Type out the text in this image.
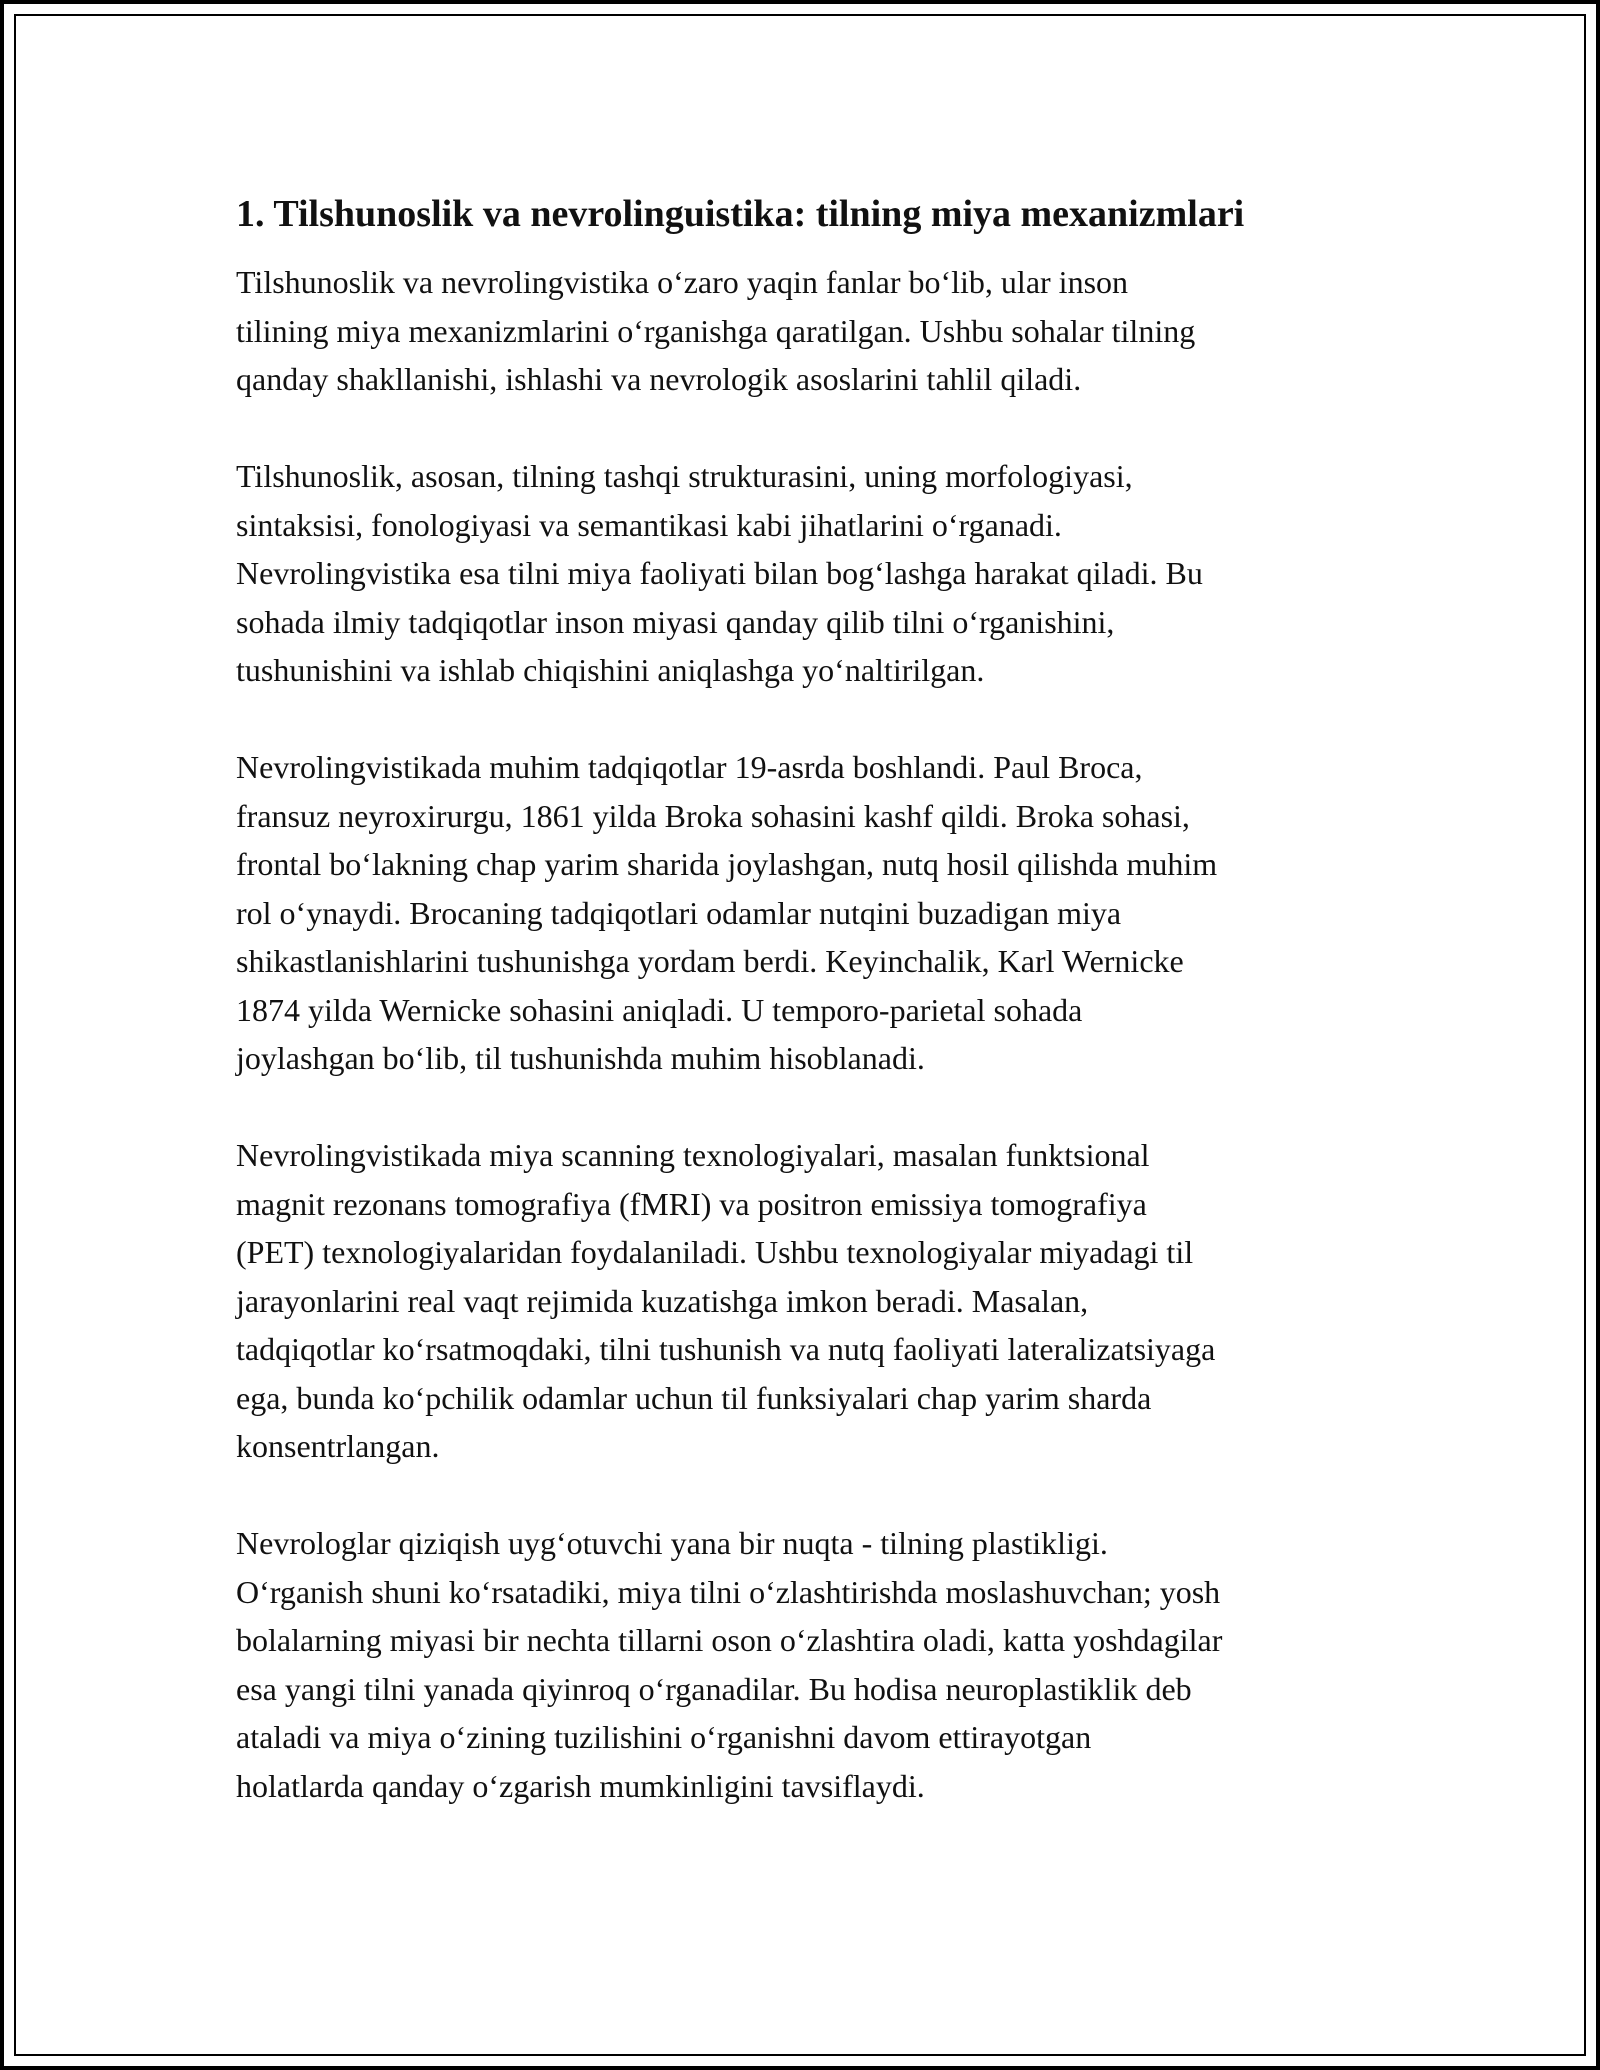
1. Tilshunoslik va nevrolinguistika: tilning miya mexanizmlari
Tilshunoslik va nevrolingvistika o‘zaro yaqin fanlar bo‘lib, ular inson
tilining miya mexanizmlarini o‘rganishga qaratilgan. Ushbu sohalar tilning
qanday shakllanishi, ishlashi va nevrologik asoslarini tahlil qiladi.
Tilshunoslik, asosan, tilning tashqi strukturasini, uning morfologiyasi,
sintaksisi, fonologiyasi va semantikasi kabi jihatlarini o‘rganadi.
Nevrolingvistika esa tilni miya faoliyati bilan bog‘lashga harakat qiladi. Bu
sohada ilmiy tadqiqotlar inson miyasi qanday qilib tilni o‘rganishini,
tushunishini va ishlab chiqishini aniqlashga yo‘naltirilgan.
Nevrolingvistikada muhim tadqiqotlar 19-asrda boshlandi. Paul Broca,
fransuz neyroxirurgu, 1861 yilda Broka sohasini kashf qildi. Broka sohasi,
frontal bo‘lakning chap yarim sharida joylashgan, nutq hosil qilishda muhim
rol o‘ynaydi. Brocaning tadqiqotlari odamlar nutqini buzadigan miya
shikastlanishlarini tushunishga yordam berdi. Keyinchalik, Karl Wernicke
1874 yilda Wernicke sohasini aniqladi. U temporo-parietal sohada
joylashgan bo‘lib, til tushunishda muhim hisoblanadi.
Nevrolingvistikada miya scanning texnologiyalari, masalan funktsional
magnit rezonans tomografiya (fMRI) va positron emissiya tomografiya
(PET) texnologiyalaridan foydalaniladi. Ushbu texnologiyalar miyadagi til
jarayonlarini real vaqt rejimida kuzatishga imkon beradi. Masalan,
tadqiqotlar ko‘rsatmoqdaki, tilni tushunish va nutq faoliyati lateralizatsiyaga
ega, bunda ko‘pchilik odamlar uchun til funksiyalari chap yarim sharda
konsentrlangan.
Nevrologlar qiziqish uyg‘otuvchi yana bir nuqta - tilning plastikligi.
O‘rganish shuni ko‘rsatadiki, miya tilni o‘zlashtirishda moslashuvchan; yosh
bolalarning miyasi bir nechta tillarni oson o‘zlashtira oladi, katta yoshdagilar
esa yangi tilni yanada qiyinroq o‘rganadilar. Bu hodisa neuroplastiklik deb
ataladi va miya o‘zining tuzilishini o‘rganishni davom ettirayotgan
holatlarda qanday o‘zgarish mumkinligini tavsiflaydi.
